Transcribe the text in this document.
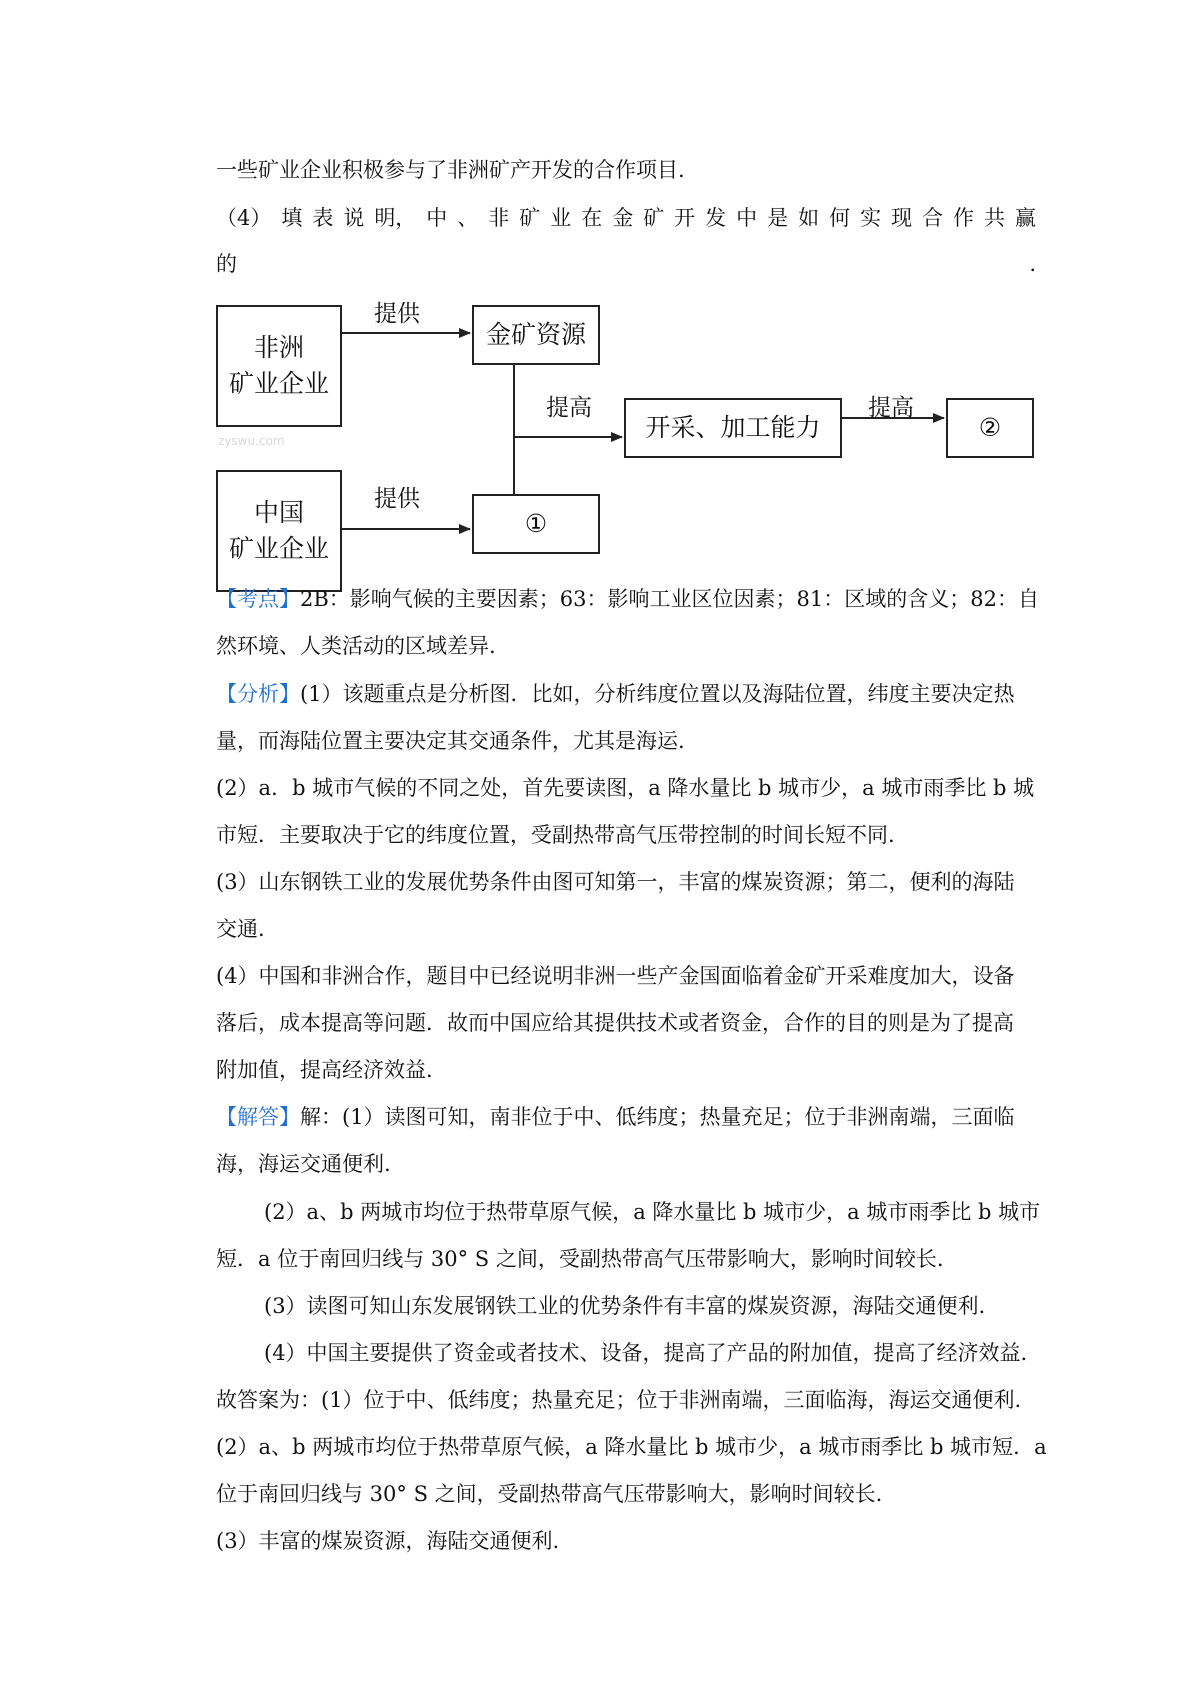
一些矿业企业积极参与了非洲矿产开发的合作项目.
（4） 填 表 说 明， 中 、 非 矿 业 在 金 矿 开 发 中 是 如 何 实 现 合 作 共 赢
的	.
非洲
矿业企业
中国
矿业企业
金矿资源
①
开采、加工能力	②
提供
提供
提高	提高
zyswu.com
【考点】2B：影响气候的主要因素；63：影响工业区位因素；81：区域的含义；82：自
然环境、人类活动的区域差异.
【分析】(1）该题重点是分析图．比如，分析纬度位置以及海陆位置，纬度主要决定热
量，而海陆位置主要决定其交通条件，尤其是海运.
(2）a．b 城市气候的不同之处，首先要读图，a 降水量比 b 城市少，a 城市雨季比 b 城
市短．主要取决于它的纬度位置，受副热带高气压带控制的时间长短不同.
(3）山东钢铁工业的发展优势条件由图可知第一，丰富的煤炭资源；第二，便利的海陆
交通.
(4）中国和非洲合作，题目中已经说明非洲一些产金国面临着金矿开采难度加大，设备
落后，成本提高等问题．故而中国应给其提供技术或者资金，合作的目的则是为了提高
附加值，提高经济效益.
【解答】解：(1）读图可知，南非位于中、低纬度；热量充足；位于非洲南端，三面临
海，海运交通便利.
(2）a、b 两城市均位于热带草原气候，a 降水量比 b 城市少，a 城市雨季比 b 城市
短．a 位于南回归线与 30° S 之间，受副热带高气压带影响大，影响时间较长.
(3）读图可知山东发展钢铁工业的优势条件有丰富的煤炭资源，海陆交通便利.
(4）中国主要提供了资金或者技术、设备，提高了产品的附加值，提高了经济效益.
故答案为：(1）位于中、低纬度；热量充足；位于非洲南端，三面临海，海运交通便利.
(2）a、b 两城市均位于热带草原气候，a 降水量比 b 城市少，a 城市雨季比 b 城市短．a
位于南回归线与 30° S 之间，受副热带高气压带影响大，影响时间较长.
(3）丰富的煤炭资源，海陆交通便利.
